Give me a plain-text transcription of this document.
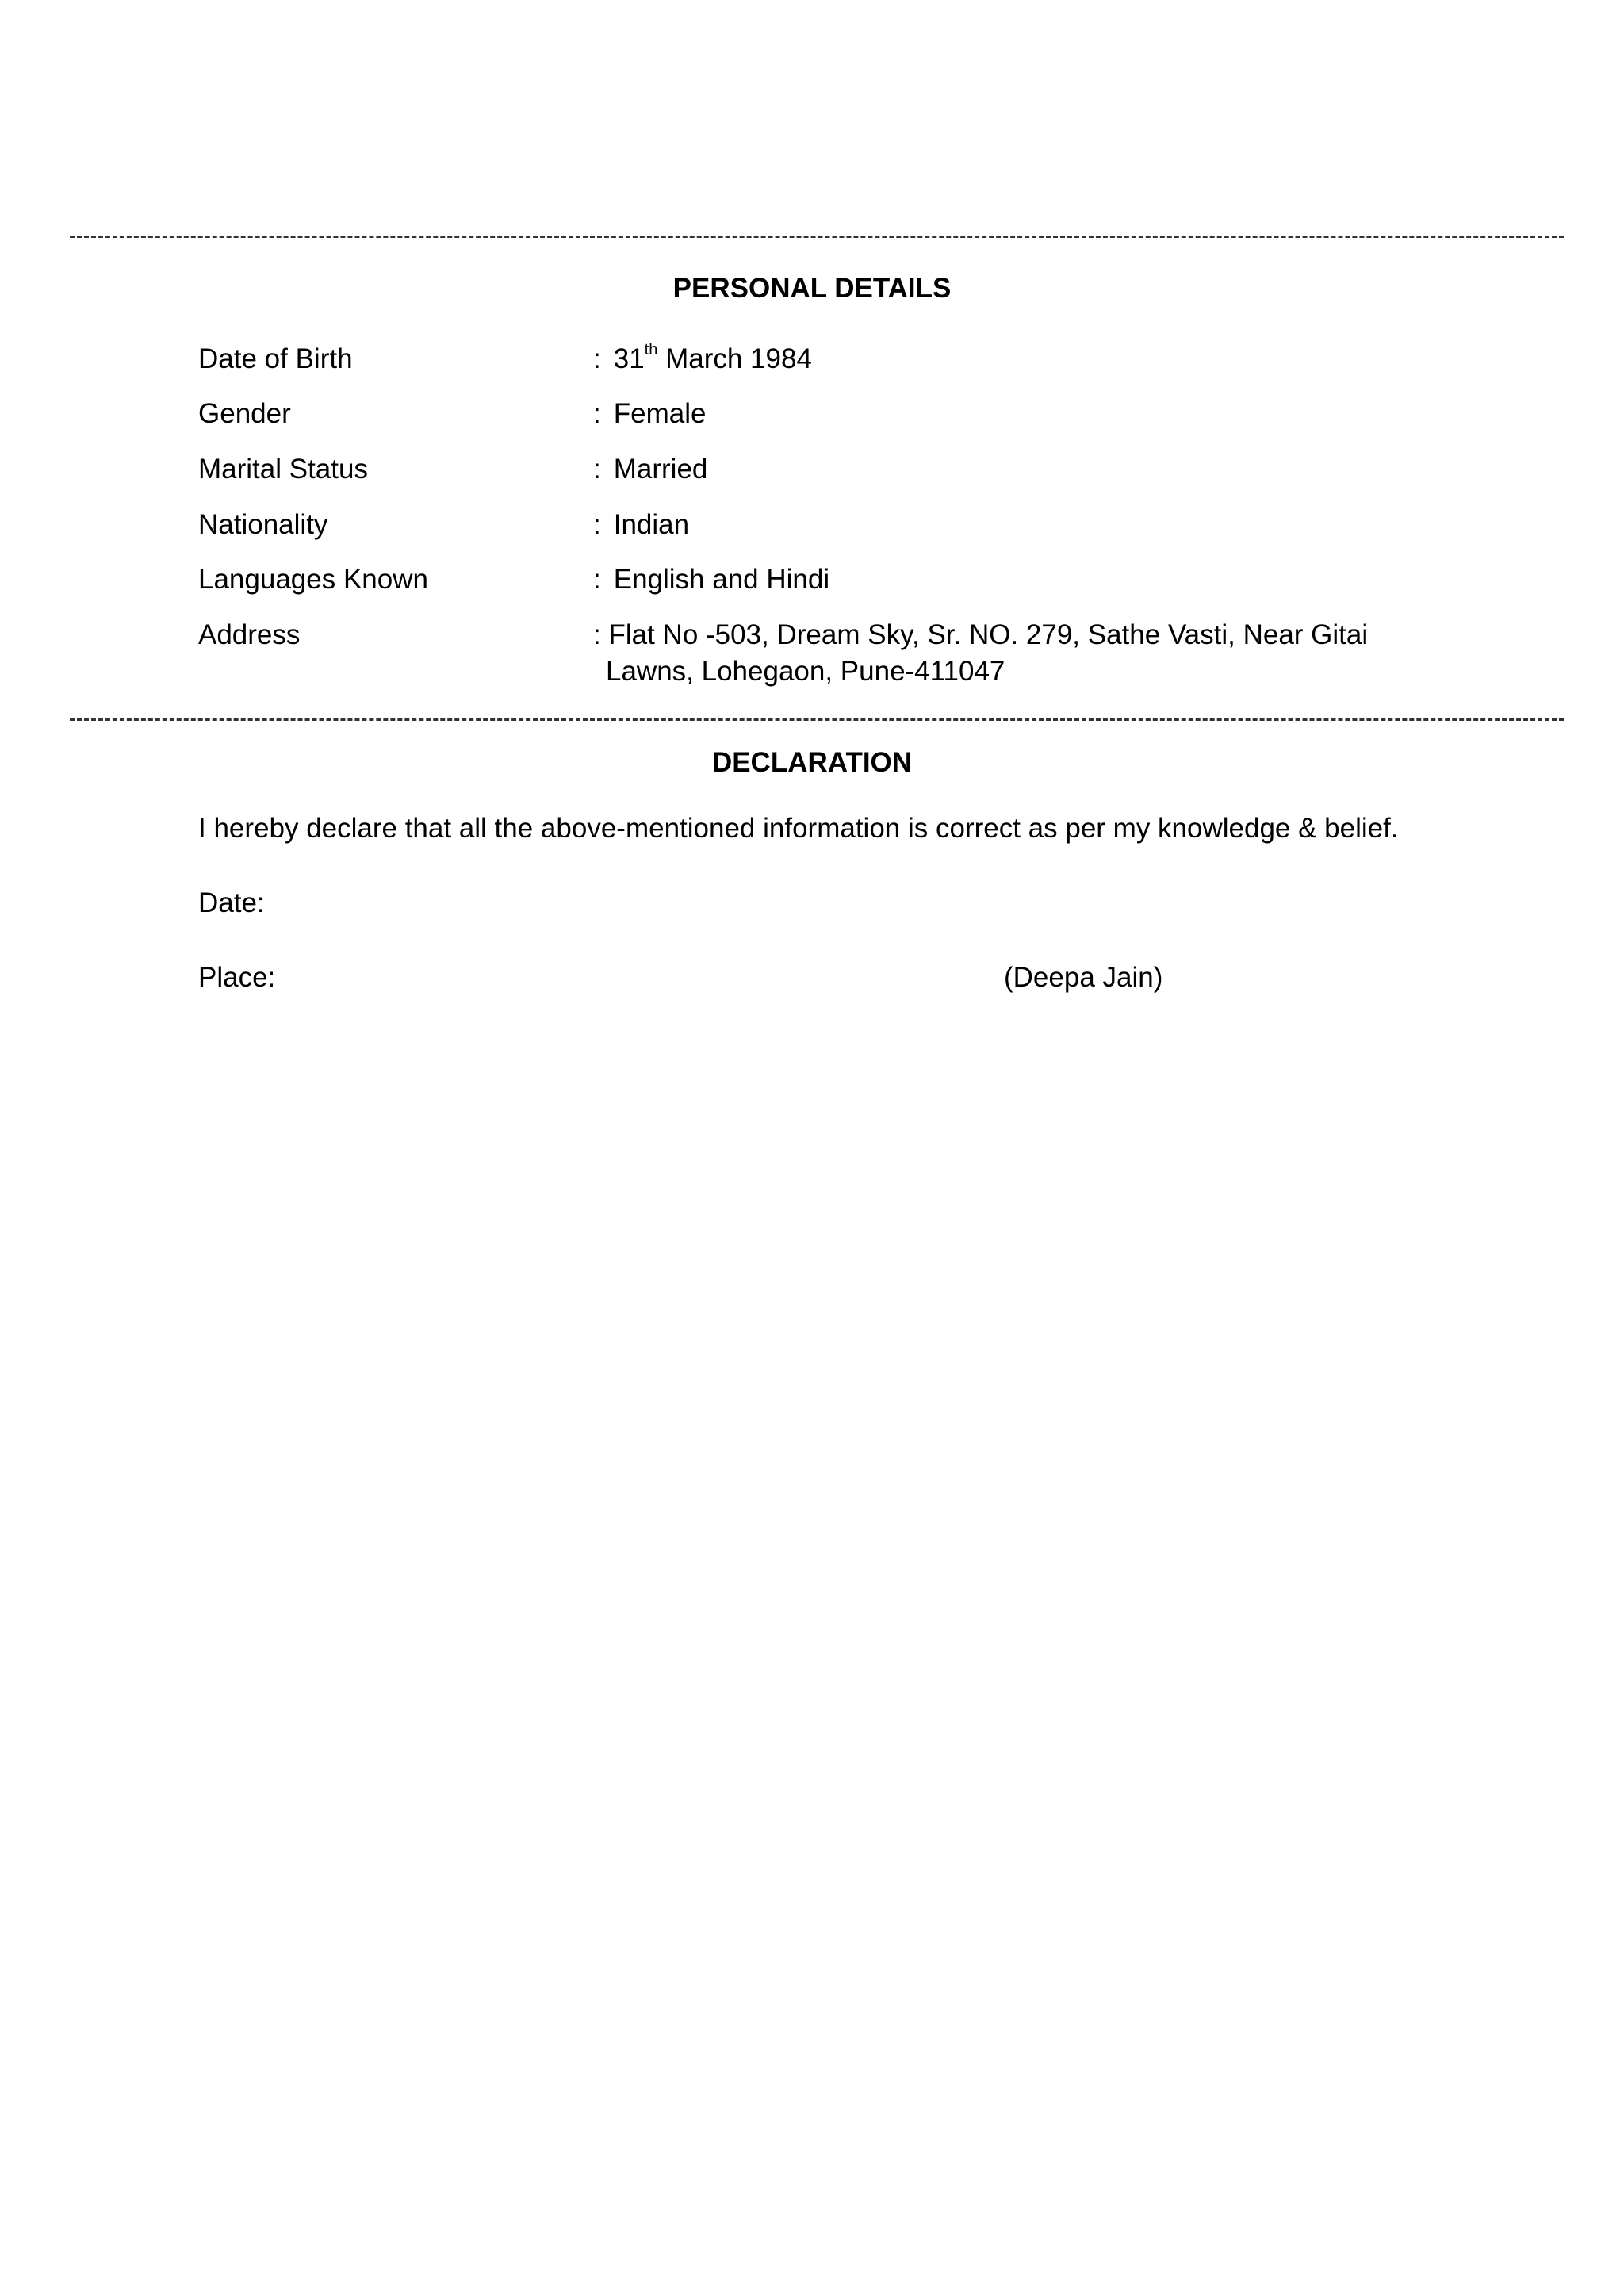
PERSONAL DETAILS
Date of Birth	: 31th March 1984
Gender	: Female
Marital Status	: Married
Nationality	: Indian
Languages Known	: English and Hindi
Address	: Flat No -503, Dream Sky, Sr. NO. 279, Sathe Vasti, Near Gitai
Lawns, Lohegaon, Pune-411047
DECLARATION
I hereby declare that all the above-mentioned information is correct as per my knowledge & belief.
Date:
Place:	(Deepa Jain)
